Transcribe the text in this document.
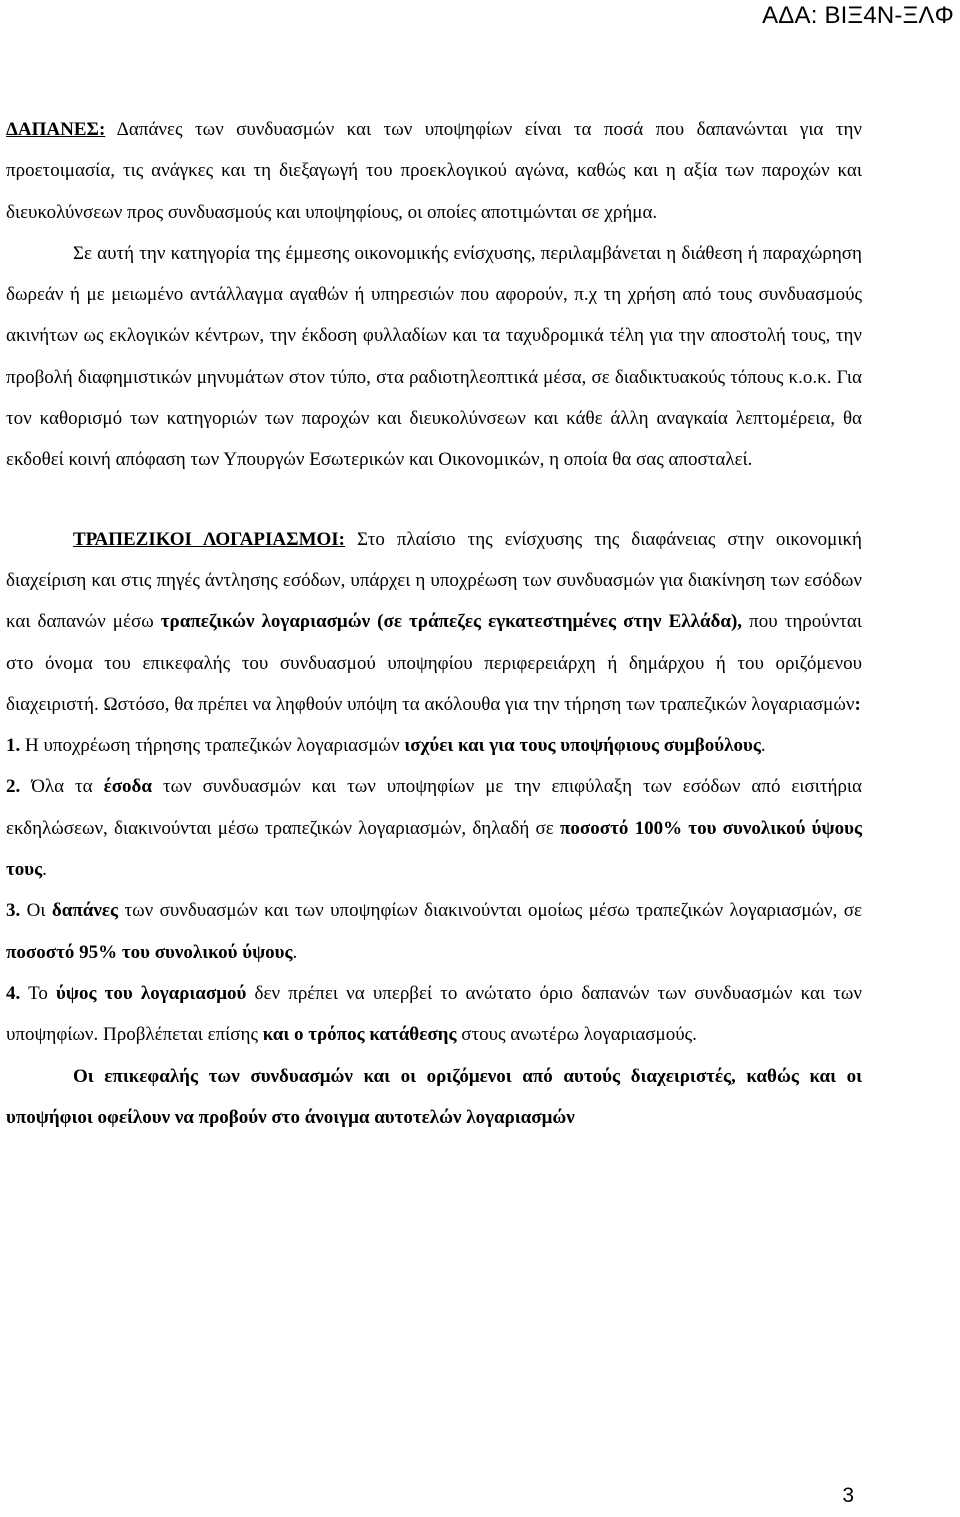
ΑΔΑ: ΒΙΞ4Ν-ΞΛΦ

ΔΑΠΑΝΕΣ: Δαπάνες των συνδυασμών και των υποψηφίων είναι τα ποσά που δαπανώνται για την προετοιμασία, τις ανάγκες και τη διεξαγωγή του προεκλογικού αγώνα, καθώς και η αξία των παροχών και διευκολύνσεων προς συνδυασμούς και υποψηφίους, οι οποίες αποτιμώνται σε χρήμα.

Σε αυτή την κατηγορία της έμμεσης οικονομικής ενίσχυσης, περιλαμβάνεται η διάθεση ή παραχώρηση δωρεάν ή με μειωμένο αντάλλαγμα αγαθών ή υπηρεσιών που αφορούν, π.χ τη χρήση από τους συνδυασμούς ακινήτων ως εκλογικών κέντρων, την έκδοση φυλλαδίων και τα ταχυδρομικά τέλη για την αποστολή τους, την προβολή διαφημιστικών μηνυμάτων στον τύπο, στα ραδιοτηλεοπτικά μέσα, σε διαδικτυακούς τόπους κ.ο.κ. Για τον καθορισμό των κατηγοριών των παροχών και διευκολύνσεων και κάθε άλλη αναγκαία λεπτομέρεια, θα εκδοθεί κοινή απόφαση των Υπουργών Εσωτερικών και Οικονομικών, η οποία θα σας αποσταλεί.

ΤΡΑΠΕΖΙΚΟΙ ΛΟΓΑΡΙΑΣΜΟΙ: Στο πλαίσιο της ενίσχυσης της διαφάνειας στην οικονομική διαχείριση και στις πηγές άντλησης εσόδων, υπάρχει η υποχρέωση των συνδυασμών για διακίνηση των εσόδων και δαπανών μέσω τραπεζικών λογαριασμών (σε τράπεζες εγκατεστημένες στην Ελλάδα), που τηρούνται στο όνομα του επικεφαλής του συνδυασμού υποψηφίου περιφερειάρχη ή δημάρχου ή του οριζόμενου διαχειριστή. Ωστόσο, θα πρέπει να ληφθούν υπόψη τα ακόλουθα για την τήρηση των τραπεζικών λογαριασμών:

1. Η υποχρέωση τήρησης τραπεζικών λογαριασμών ισχύει και για τους υποψήφιους συμβούλους.

2. Όλα τα έσοδα των συνδυασμών και των υποψηφίων με την επιφύλαξη των εσόδων από εισιτήρια εκδηλώσεων, διακινούνται μέσω τραπεζικών λογαριασμών, δηλαδή σε ποσοστό 100% του συνολικού ύψους τους.

3. Οι δαπάνες των συνδυασμών και των υποψηφίων διακινούνται ομοίως μέσω τραπεζικών λογαριασμών, σε ποσοστό 95% του συνολικού ύψους.

4. Το ύψος του λογαριασμού δεν πρέπει να υπερβεί το ανώτατο όριο δαπανών των συνδυασμών και των υποψηφίων. Προβλέπεται επίσης και ο τρόπος κατάθεσης στους ανωτέρω λογαριασμούς.

Οι επικεφαλής των συνδυασμών και οι οριζόμενοι από αυτούς διαχειριστές, καθώς και οι υποψήφιοι οφείλουν να προβούν στο άνοιγμα αυτοτελών λογαριασμών

3
